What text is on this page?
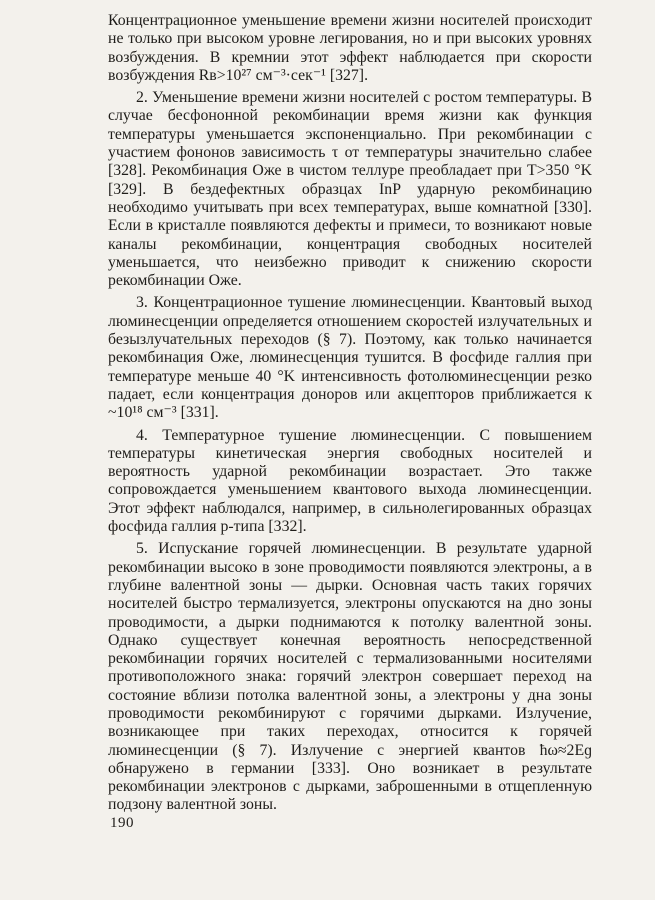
Концентрационное уменьшение времени жизни носителей происходит не только при высоком уровне легирования, но и при высоких уровнях возбуждения. В кремнии этот эффект наблюдается при скорости возбуждения Rв>10²⁷ см⁻³·сек⁻¹ [327].

2. Уменьшение времени жизни носителей с ростом температуры. В случае бесфононной рекомбинации время жизни как функция температуры уменьшается экспоненциально. При рекомбинации с участием фононов зависимость τ от температуры значительно слабее [328]. Рекомбинация Оже в чистом теллуре преобладает при T>350 °K [329]. В бездефектных образцах InP ударную рекомбинацию необходимо учитывать при всех температурах, выше комнатной [330]. Если в кристалле появляются дефекты и примеси, то возникают новые каналы рекомбинации, концентрация свободных носителей уменьшается, что неизбежно приводит к снижению скорости рекомбинации Оже.

3. Концентрационное тушение люминесценции. Квантовый выход люминесценции определяется отношением скоростей излучательных и безызлучательных переходов (§ 7). Поэтому, как только начинается рекомбинация Оже, люминесценция тушится. В фосфиде галлия при температуре меньше 40 °K интенсивность фотолюминесценции резко падает, если концентрация доноров или акцепторов приближается к ~10¹⁸ см⁻³ [331].

4. Температурное тушение люминесценции. С повышением температуры кинетическая энергия свободных носителей и вероятность ударной рекомбинации возрастает. Это также сопровождается уменьшением квантового выхода люминесценции. Этот эффект наблюдался, например, в сильнолегированных образцах фосфида галлия p-типа [332].

5. Испускание горячей люминесценции. В результате ударной рекомбинации высоко в зоне проводимости появляются электроны, а в глубине валентной зоны — дырки. Основная часть таких горячих носителей быстро термализуется, электроны опускаются на дно зоны проводимости, а дырки поднимаются к потолку валентной зоны. Однако существует конечная вероятность непосредственной рекомбинации горячих носителей с термализованными носителями противоположного знака: горячий электрон совершает переход на состояние вблизи потолка валентной зоны, а электроны у дна зоны проводимости рекомбинируют с горячими дырками. Излучение, возникающее при таких переходах, относится к горячей люминесценции (§ 7). Излучение с энергией квантов ħω≈2Eɡ обнаружено в германии [333]. Оно возникает в результате рекомбинации электронов с дырками, заброшенными в отщепленную подзону валентной зоны.

190
